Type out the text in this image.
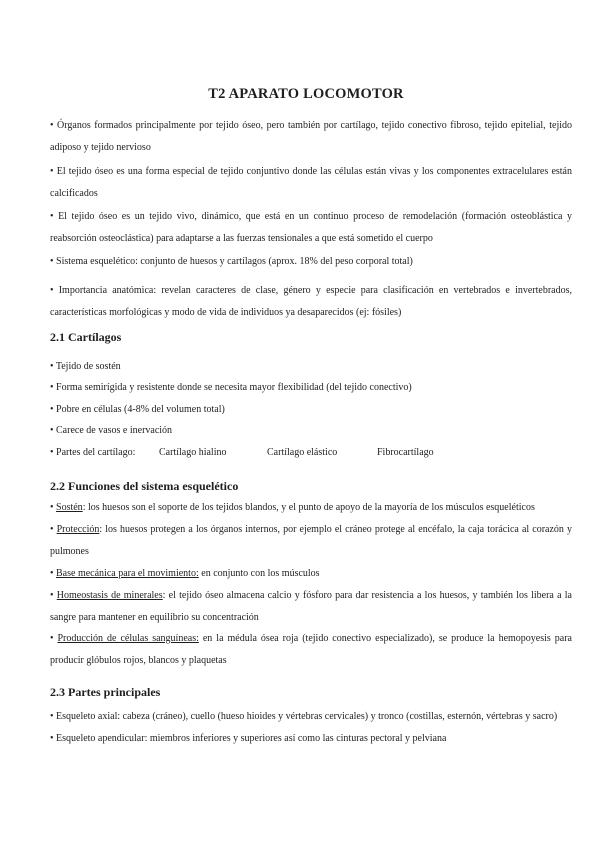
T2 APARATO LOCOMOTOR

• Órganos formados principalmente por tejido óseo, pero también por cartílago, tejido conectivo fibroso, tejido epitelial, tejido adiposo y tejido nervioso

• El tejido óseo es una forma especial de tejido conjuntivo donde las células están vivas y los componentes extracelulares están calcificados

• El tejido óseo es un tejido vivo, dinámico, que está en un continuo proceso de remodelación (formación osteoblástica y reabsorción osteoclástica) para adaptarse a las fuerzas tensionales a que está sometido el cuerpo

• Sistema esquelético: conjunto de huesos y cartílagos (aprox. 18% del peso corporal total)

• Importancia anatómica: revelan caracteres de clase, género y especie para clasificación en vertebrados e invertebrados, características morfológicas y modo de vida de individuos ya desaparecidos (ej: fósiles)

2.1 Cartílagos

• Tejido de sostén

• Forma semirígida y resistente donde se necesita mayor flexibilidad (del tejido conectivo)

• Pobre en células (4-8% del volumen total)

• Carece de vasos e inervación

• Partes del cartílago: Cartílago hialino	Cartílago elástico	Fibrocartílago

2.2 Funciones del sistema esquelético

• Sostén: los huesos son el soporte de los tejidos blandos, y el punto de apoyo de la mayoría de los músculos esqueléticos

• Protección: los huesos protegen a los órganos internos, por ejemplo el cráneo protege al encéfalo, la caja torácica al corazón y pulmones

• Base mecánica para el movimiento: en conjunto con los músculos

• Homeostasis de minerales: el tejido óseo almacena calcio y fósforo para dar resistencia a los huesos, y también los libera a la sangre para mantener en equilibrio su concentración

• Producción de células sanguíneas: en la médula ósea roja (tejido conectivo especializado), se produce la hemopoyesis para producir glóbulos rojos, blancos y plaquetas

2.3 Partes principales

• Esqueleto axial: cabeza (cráneo), cuello (hueso hioides y vértebras cervicales) y tronco (costillas, esternón, vértebras y sacro)

• Esqueleto apendicular: miembros inferiores y superiores así como las cinturas pectoral y pelviana
